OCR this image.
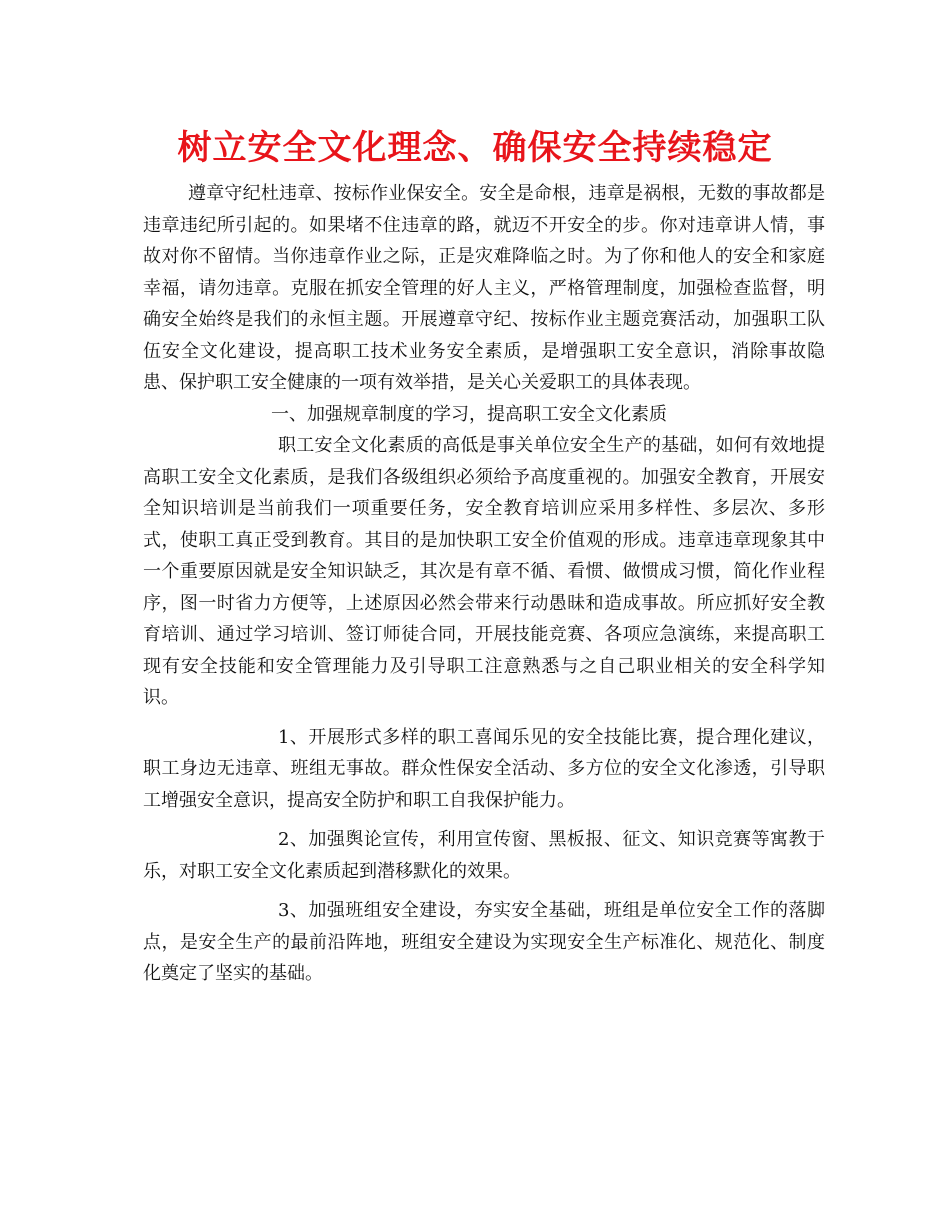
树立安全文化理念、确保安全持续稳定

遵章守纪杜违章、按标作业保安全。安全是命根，违章是祸根，无数的事故都是违章违纪所引起的。如果堵不住违章的路，就迈不开安全的步。你对违章讲人情，事故对你不留情。当你违章作业之际，正是灾难降临之时。为了你和他人的安全和家庭幸福，请勿违章。克服在抓安全管理的好人主义，严格管理制度，加强检查监督，明确安全始终是我们的永恒主题。开展遵章守纪、按标作业主题竞赛活动，加强职工队伍安全文化建设，提高职工技术业务安全素质，是增强职工安全意识，消除事故隐患、保护职工安全健康的一项有效举措，是关心关爱职工的具体表现。

一、加强规章制度的学习，提高职工安全文化素质

职工安全文化素质的高低是事关单位安全生产的基础，如何有效地提高职工安全文化素质，是我们各级组织必须给予高度重视的。加强安全教育，开展安全知识培训是当前我们一项重要任务，安全教育培训应采用多样性、多层次、多形式，使职工真正受到教育。其目的是加快职工安全价值观的形成。违章违章现象其中一个重要原因就是安全知识缺乏，其次是有章不循、看惯、做惯成习惯，简化作业程序，图一时省力方便等，上述原因必然会带来行动愚昧和造成事故。所应抓好安全教育培训、通过学习培训、签订师徒合同，开展技能竞赛、各项应急演练，来提高职工现有安全技能和安全管理能力及引导职工注意熟悉与之自己职业相关的安全科学知识。

1、开展形式多样的职工喜闻乐见的安全技能比赛，提合理化建议，职工身边无违章、班组无事故。群众性保安全活动、多方位的安全文化渗透，引导职工增强安全意识，提高安全防护和职工自我保护能力。

2、加强舆论宣传，利用宣传窗、黑板报、征文、知识竞赛等寓教于乐，对职工安全文化素质起到潜移默化的效果。

3、加强班组安全建设，夯实安全基础，班组是单位安全工作的落脚点，是安全生产的最前沿阵地，班组安全建设为实现安全生产标准化、规范化、制度化奠定了坚实的基础。
